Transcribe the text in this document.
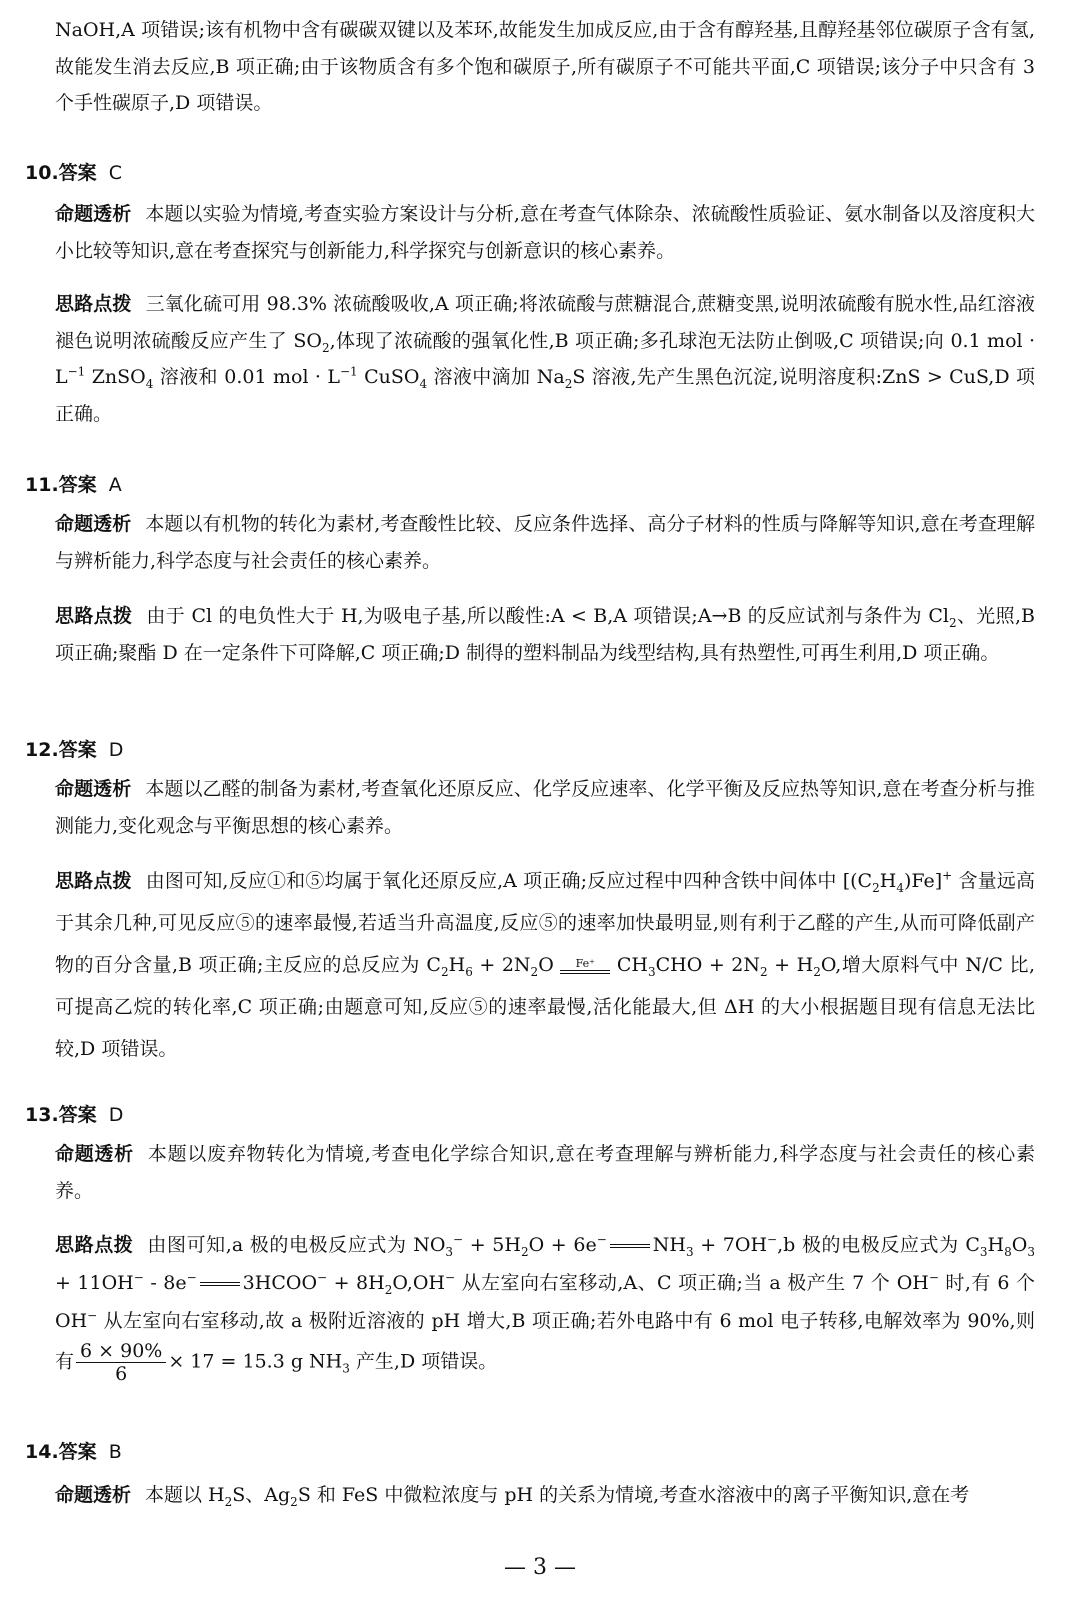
NaOH,A 项错误;该有机物中含有碳碳双键以及苯环,故能发生加成反应,由于含有醇羟基,且醇羟基邻位碳原子含有氢,故能发生消去反应,B 项正确;由于该物质含有多个饱和碳原子,所有碳原子不可能共平面,C 项错误;该分子中只含有 3 个手性碳原子,D 项错误。

10.答案 C

命题透析 本题以实验为情境,考查实验方案设计与分析,意在考查气体除杂、浓硫酸性质验证、氨水制备以及溶度积大小比较等知识,意在考查探究与创新能力,科学探究与创新意识的核心素养。

思路点拨 三氧化硫可用 98.3% 浓硫酸吸收,A 项正确;将浓硫酸与蔗糖混合,蔗糖变黑,说明浓硫酸有脱水性,品红溶液褪色说明浓硫酸反应产生了 $SO_2$,体现了浓硫酸的强氧化性,B 项正确;多孔球泡无法防止倒吸,C 项错误;向 0.1 mol · $L^{-1}$ ZnSO$_4$ 溶液和 0.01 mol · $L^{-1}$ CuSO$_4$ 溶液中滴加 $Na_2S$ 溶液,先产生黑色沉淀,说明溶度积:ZnS > CuS,D 项正确。

11.答案 A

命题透析 本题以有机物的转化为素材,考查酸性比较、反应条件选择、高分子材料的性质与降解等知识,意在考查理解与辨析能力,科学态度与社会责任的核心素养。

思路点拨 由于 Cl 的电负性大于 H,为吸电子基,所以酸性:A < B,A 项错误;A→B 的反应试剂与条件为 $Cl_2$、光照,B 项正确;聚酯 D 在一定条件下可降解,C 项正确;D 制得的塑料制品为线型结构,具有热塑性,可再生利用,D 项正确。

12.答案 D

命题透析 本题以乙醛的制备为素材,考查氧化还原反应、化学反应速率、化学平衡及反应热等知识,意在考查分析与推测能力,变化观念与平衡思想的核心素养。

思路点拨 由图可知,反应①和⑤均属于氧化还原反应,A 项正确;反应过程中四种含铁中间体中 $[(C_2H_4)Fe]^+$ 含量远高于其余几种,可见反应⑤的速率最慢,若适当升高温度,反应⑤的速率加快最明显,则有利于乙醛的产生,从而可降低副产物的百分含量,B 项正确;主反应的总反应为 $C_2H_6 + 2N_2O$	Fe⁺	$CH_3CHO + 2N_2 + H_2O$,增大原料气中 N/C 比,可提高乙烷的转化率,C 项正确;由题意可知,反应⑤的速率最慢,活化能最大,但 ΔH 的大小根据题目现有信息无法比较,D 项错误。

13.答案 D

命题透析 本题以废弃物转化为情境,考查电化学综合知识,意在考查理解与辨析能力,科学态度与社会责任的核心素养。

思路点拨 由图可知,a 极的电极反应式为 $NO_3^- + 5H_2O + 6e^-$ $NH_3 + 7OH^-,b$ 极的电极反应式为 $C_3H_8O_3 + 11OH^- - 8e^-$ 3HCOO− + $8H_2O,OH^-$ 从左室向右室移动,A、C 项正确;当 a 极产生 7 个 OH− 时,有 6 个 OH− 从左室向右室移动,故 a 极附近溶液的 pH 增大,B 项正确;若外电路中有 6 mol 电子转移,电解效率为 90%,则有 $\frac{6 \times 90\%}{6} \times 17 = 15.3$ g $NH_3$ 产生,D 项错误。

14.答案 B

命题透析 本题以 $H_2S$、$Ag_2S$ 和 FeS 中微粒浓度与 pH 的关系为情境,考查水溶液中的离子平衡知识,意在考

— 3 —
